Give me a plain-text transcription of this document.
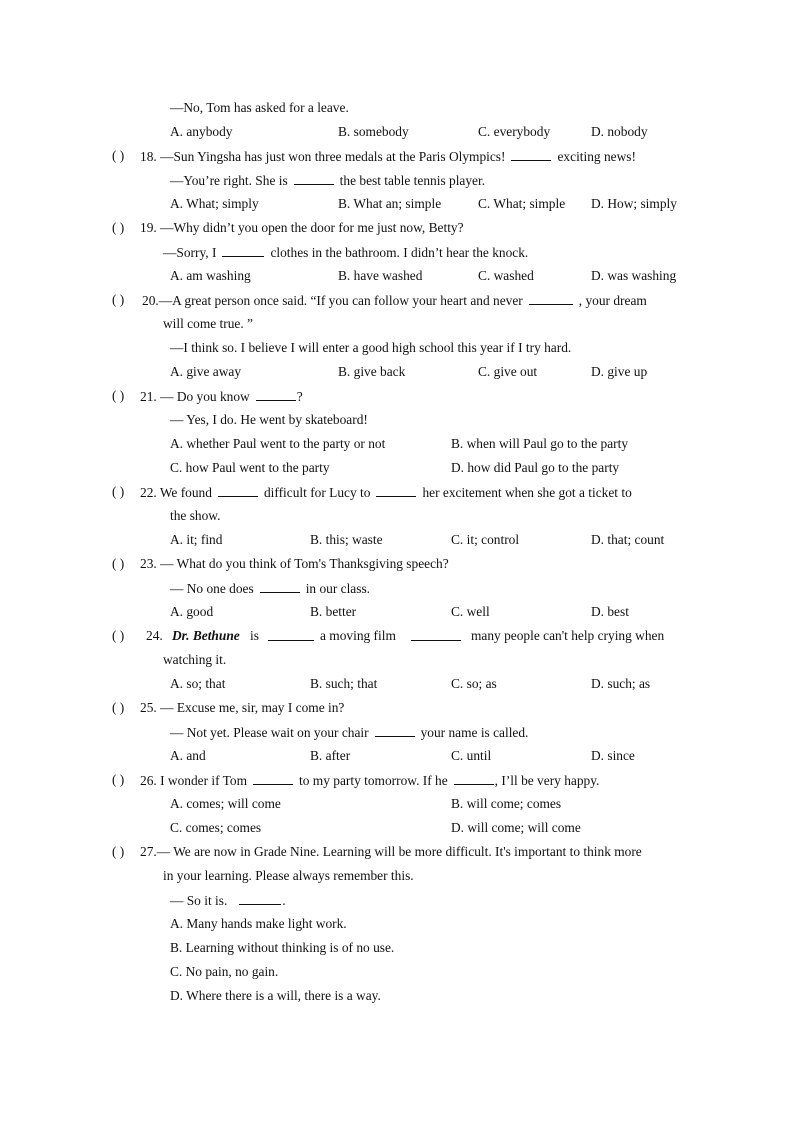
—No, Tom has asked for a leave.
A. anybody	B. somebody	C. everybody	D. nobody
( ) 18. —Sun Yingsha has just won three medals at the Paris Olympics!	exciting news!
—You’re right. She is	the best table tennis player.
A. What; simply	B. What an; simple	C. What; simple D. How; simply
( ) 19. —Why didn’t you open the door for me just now, Betty?
—Sorry, I	clothes in the bathroom. I didn’t hear the knock.
A. am washing	B. have washed	C. washed	D. was washing
( ) 20.—A great person once said. “If you can follow your heart and never	, your dream
will come true. ”
—I think so. I believe I will enter a good high school this year if I try hard.
A. give away	B. give back	C. give out	D. give up
( ) 21. — Do you know	?
— Yes, I do. He went by skateboard!
A. whether Paul went to the party or not	B. when will Paul go to the party
C. how Paul went to the party	D. how did Paul go to the party
( ) 22. We found	difficult for Lucy to	her excitement when she got a ticket to
the show.
A. it; find	B. this; waste	C. it; control	D. that; count
( ) 23. — What do you think of Tom's Thanksgiving speech?
— No one does	in our class.
A. good	B. better	C. well	D. best
( ) 24. Dr. Bethune is	a moving film	many people can't help crying when
watching it.
A. so; that	B. such; that	C. so; as	D. such; as
( ) 25. — Excuse me, sir, may I come in?
— Not yet. Please wait on your chair	your name is called.
A. and	B. after	C. until	D. since
( ) 26. I wonder if Tom	to my party tomorrow. If he	, I’ll be very happy.
A. comes; will come	B. will come; comes
C. comes; comes	D. will come; will come
( ) 27.— We are now in Grade Nine. Learning will be more difficult. It's important to think more
in your learning. Please always remember this.
— So it is.	.
A. Many hands make light work.
B. Learning without thinking is of no use.
C. No pain, no gain.
D. Where there is a will, there is a way.
